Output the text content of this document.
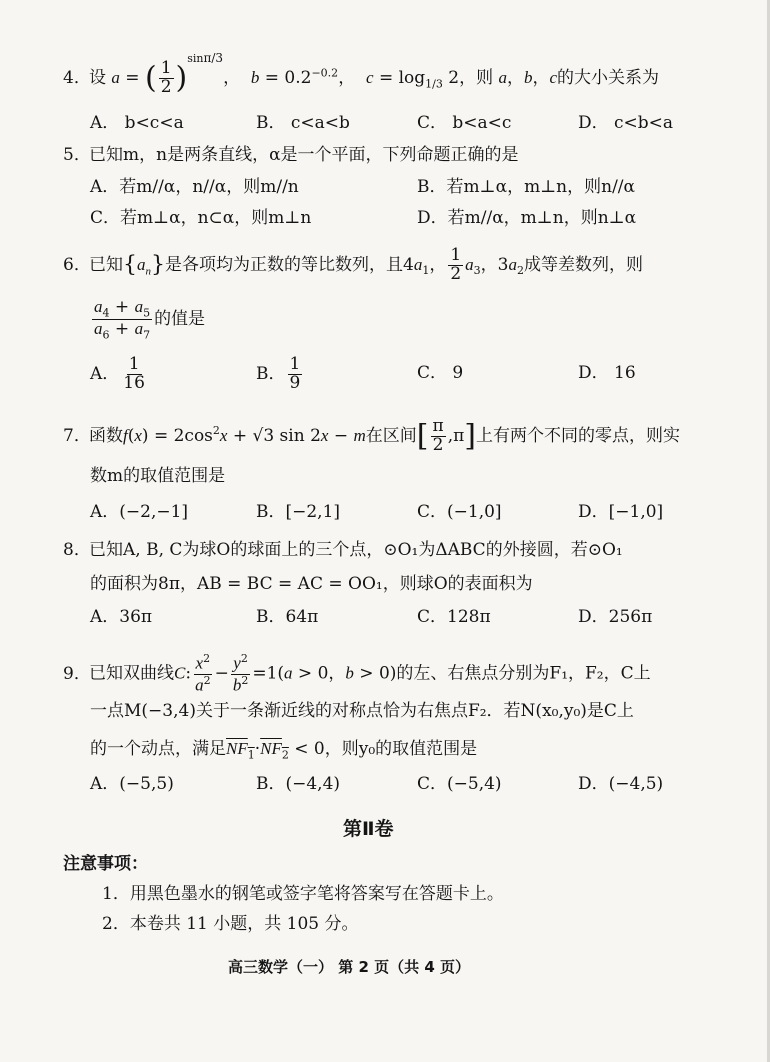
4．设 a = ( $\frac{1}{2} )^{sin\pi/3}$， $b = 0.2^{-0.2}$， $c = \log_{1/3} 2$，则 a，b，c的大小关系为
A． b<c<a	B． c<a<b	C． b<a<c	D． c<b<a
5．已知m，n是两条直线，α是一个平面，下列命题正确的是
A．若m//α，n//α，则m//n	B．若m⊥α，m⊥n，则n//α
C．若m⊥α，n⊂α，则m⊥n	D．若m//α，m⊥n，则n⊥α
6．已知$\{a_n\}$是各项均为正数的等比数列，且$4a_1$， $\frac{1}{2} a_3$，$3a_2$成等差数列，则
$\frac{a_4 + a_5}{a_6 + a_7}$ 的值是
A． $\frac{1}{16}$	B． $\frac{1}{9}$	C． 9	D． 16
7．函数$f(x) = 2\cos^2x + √3$ sin 2x − m在区间[ $\frac{\pi}{2} ,\pi$]上有两个不同的零点，则实
数m的取值范围是
A．(−2,−1]	B．[−2,1]	C．(−1,0]	D．[−1,0]
8．已知A, B, C为球O的球面上的三个点，⊙O₁为ΔABC的外接圆，若⊙O₁
的面积为8π，AB = BC = AC = OO₁，则球O的表面积为
A．36π	B．64π	C．128π	D．256π
9．已知双曲线C: $\frac{x^2}{a^2} - \frac{y^2}{b^2} =1(a > 0$，b > 0)的左、右焦点分别为F₁，F₂，C上
一点M(−3,4)关于一条渐近线的对称点恰为右焦点F₂．若N(x₀,y₀)是C上
的一个动点，满足$NF_1\cdot NF_2 < 0$，则y₀的取值范围是
A．(−5,5)	B．(−4,4)	C．(−5,4)	D．(−4,5)
第Ⅱ卷
注意事项：
1．用黑色墨水的钢笔或签字笔将答案写在答题卡上。
2．本卷共 11 小题，共 105 分。
高三数学（一） 第 2 页（共 4 页）
